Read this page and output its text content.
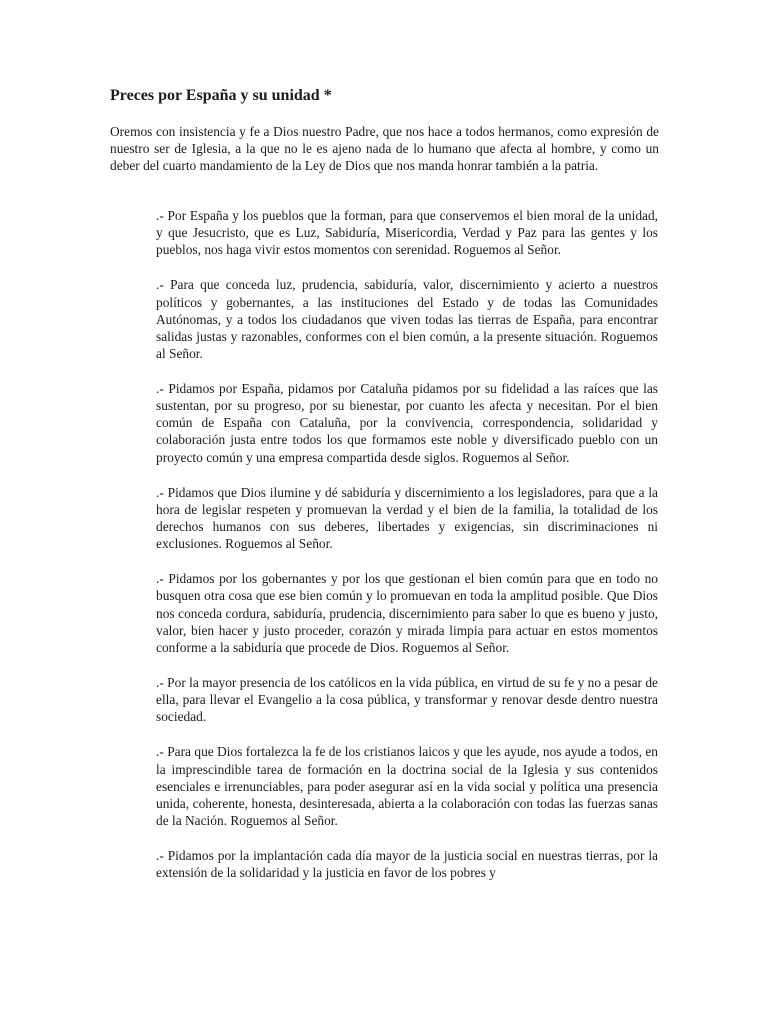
Preces por España y su unidad *

Oremos con insistencia y fe a Dios nuestro Padre, que nos hace a todos hermanos, como expresión de nuestro ser de Iglesia, a la que no le es ajeno nada de lo humano que afecta al hombre, y como un deber del cuarto mandamiento de la Ley de Dios que nos manda honrar también a la patria.

.- Por España y los pueblos que la forman, para que conservemos el bien moral de la unidad, y que Jesucristo, que es Luz, Sabiduría, Misericordia, Verdad y Paz para las gentes y los pueblos, nos haga vivir estos momentos con serenidad. Roguemos al Señor.
.- Para que conceda luz, prudencia, sabiduría, valor, discernimiento y acierto a nuestros políticos y gobernantes, a las instituciones del Estado y de todas las Comunidades Autónomas, y a todos los ciudadanos que viven todas las tierras de España, para encontrar salidas justas y razonables, conformes con el bien común, a la presente situación. Roguemos al Señor.
.- Pidamos por España, pidamos por Cataluña pidamos por su fidelidad a las raíces que las sustentan, por su progreso, por su bienestar, por cuanto les afecta y necesitan. Por el bien común de España con Cataluña, por la convivencia, correspondencia, solidaridad y colaboración justa entre todos los que formamos este noble y diversificado pueblo con un proyecto común y una empresa compartida desde siglos. Roguemos al Señor.
.- Pidamos que Dios ilumine y dé sabiduría y discernimiento a los legisladores, para que a la hora de legislar respeten y promuevan la verdad y el bien de la familia, la totalidad de los derechos humanos con sus deberes, libertades y exigencias, sin discriminaciones ni exclusiones. Roguemos al Señor.
.- Pidamos por los gobernantes y por los que gestionan el bien común para que en todo no busquen otra cosa que ese bien común y lo promuevan en toda la amplitud posible. Que Dios nos conceda cordura, sabiduría, prudencia, discernimiento para saber lo que es bueno y justo, valor, bien hacer y justo proceder, corazón y mirada limpia para actuar en estos momentos conforme a la sabiduría que procede de Dios. Roguemos al Señor.
.- Por la mayor presencia de los católicos en la vida pública, en virtud de su fe y no a pesar de ella, para llevar el Evangelio a la cosa pública, y transformar y renovar desde dentro nuestra sociedad.
.- Para que Dios fortalezca la fe de los cristianos laicos y que les ayude, nos ayude a todos, en la imprescindible tarea de formación en la doctrina social de la Iglesia y sus contenidos esenciales e irrenunciables, para poder asegurar así en la vida social y política una presencia unida, coherente, honesta, desinteresada, abierta a la colaboración con todas las fuerzas sanas de la Nación. Roguemos al Señor.
.- Pidamos por la implantación cada día mayor de la justicia social en nuestras tierras, por la extensión de la solidaridad y la justicia en favor de los pobres y
